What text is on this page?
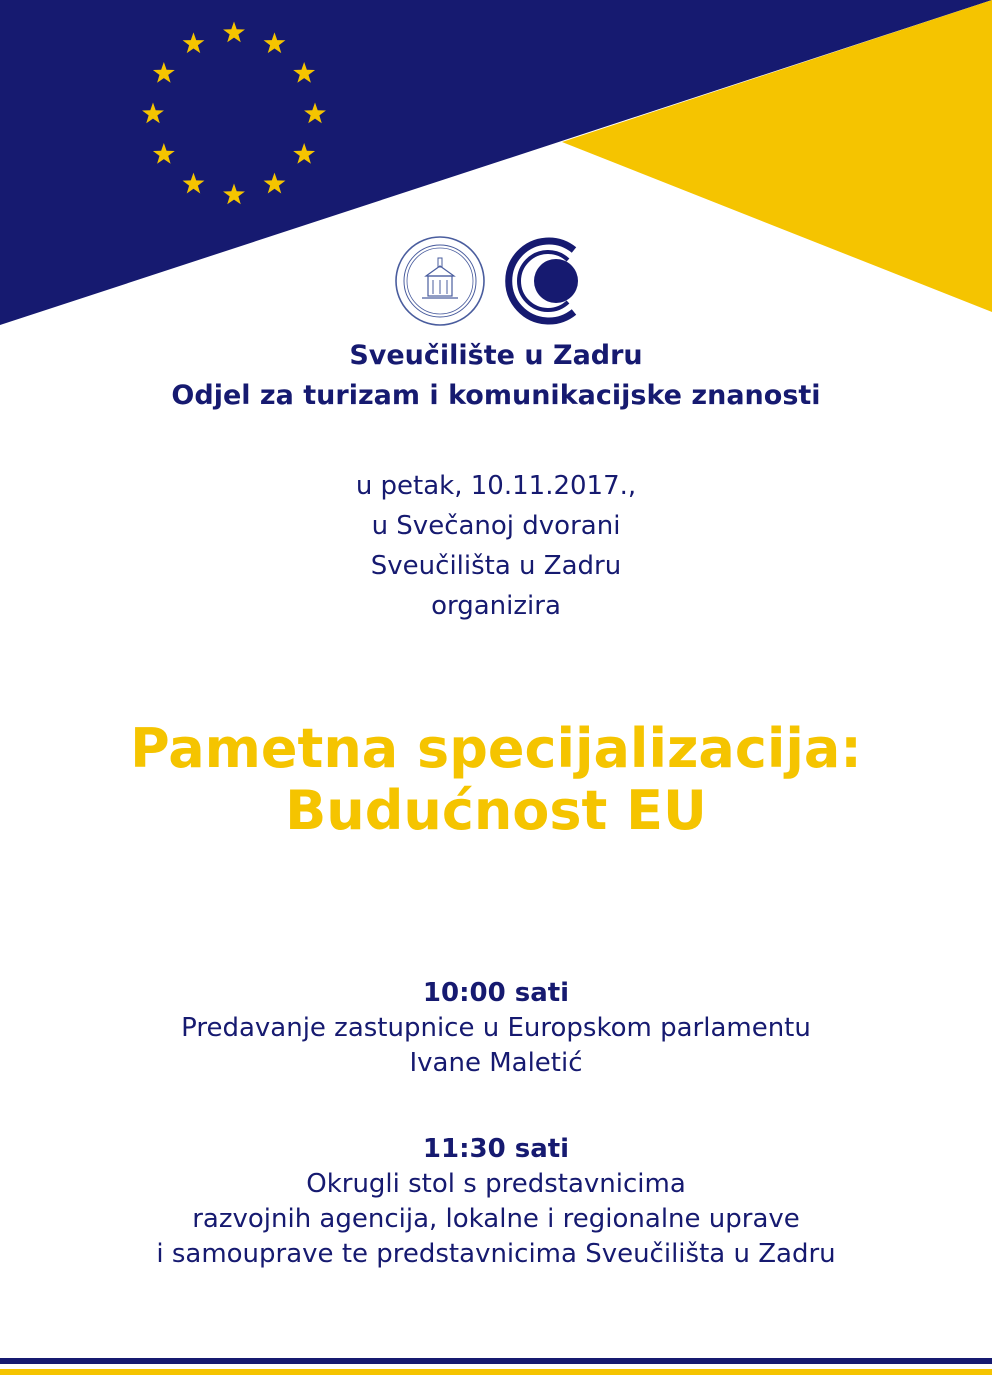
Sveučilište u Zadru
Odjel za turizam i komunikacijske znanosti
u petak, 10.11.2017.,
u Svečanoj dvorani
Sveučilišta u Zadru
organizira
Pametna specijalizacija:
Budućnost EU
10:00 sati
Predavanje zastupnice u Europskom parlamentu
Ivane Maletić
11:30 sati
Okrugli stol s predstavnicima
razvojnih agencija, lokalne i regionalne uprave
i samouprave te predstavnicima Sveučilišta u Zadru
